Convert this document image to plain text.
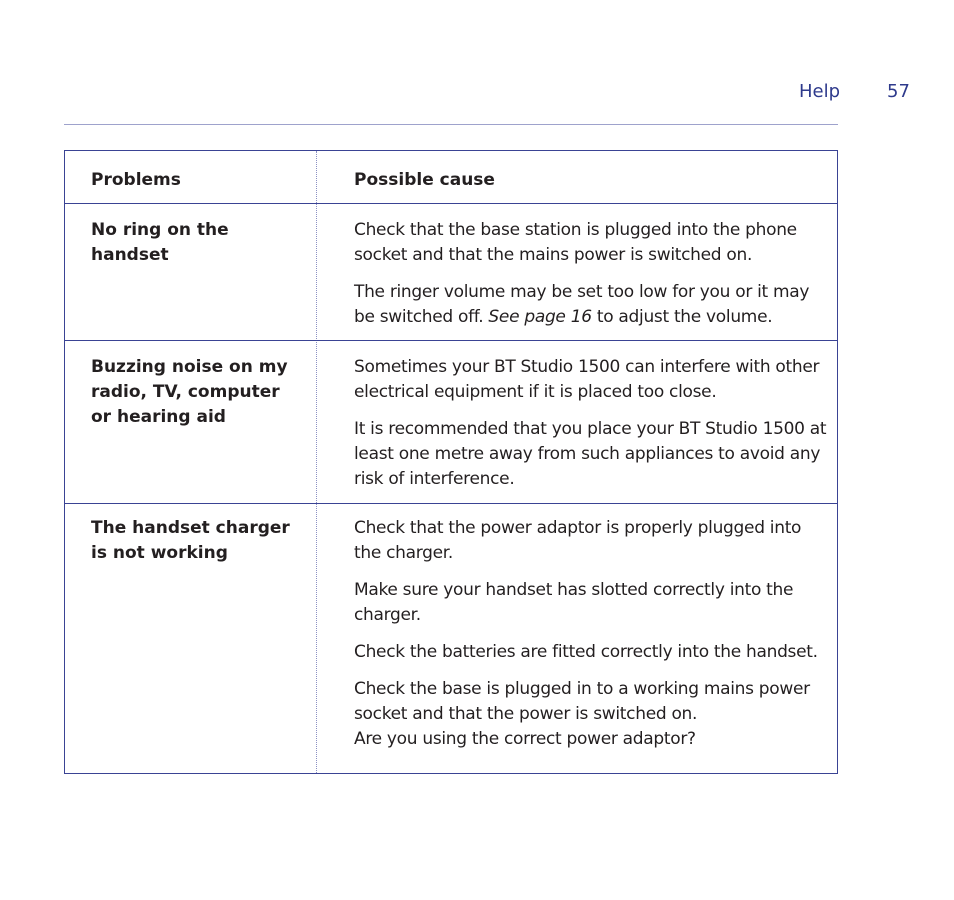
Help	57
Problems	Possible cause
No ring on the handset

Check that the base station is plugged into the phone socket and that the mains power is switched on.

The ringer volume may be set too low for you or it may be switched off. See page 16 to adjust the volume.

Buzzing noise on my
radio, TV, computer
or hearing aid

Sometimes your BT Studio 1500 can interfere with other electrical equipment if it is placed too close.

It is recommended that you place your BT Studio 1500 at least one metre away from such appliances to avoid any risk of interference.

The handset charger
is not working

Check that the power adaptor is properly plugged into the charger.

Make sure your handset has slotted correctly into the charger.

Check the batteries are fitted correctly into the handset.

Check the base is plugged in to a working mains power socket and that the power is switched on.
Are you using the correct power adaptor?
